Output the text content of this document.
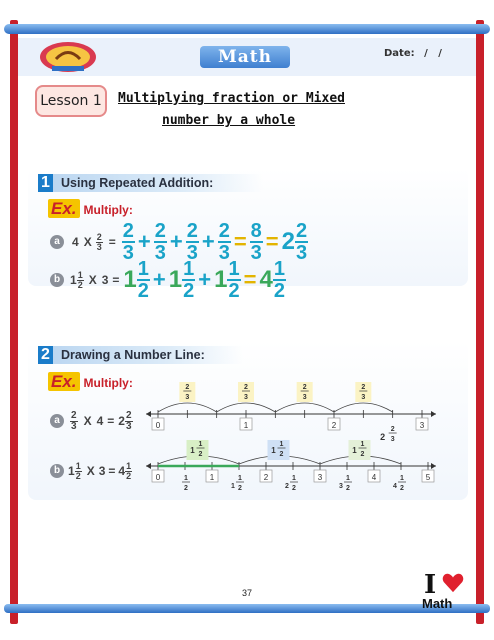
Math	Date: /   /
Lesson 1	Multiplying fraction or Mixed
number by a whole
1 Using Repeated Addition:
Ex. Multiply:
a	4 X $\frac{2}{3} = \frac{2}{3} + \frac{2}{3} + \frac{2}{3} + \frac{2}{3} = \frac{8}{3} = 2 \frac{2}{3}$
b $1 \frac{1}{2}$ X $3 = 1 \frac{1}{2} + 1 \frac{1}{2} + 1 \frac{1}{2} = 4 \frac{1}{2}$
2 Drawing a Number Line:
Ex. Multiply:
a	$\frac{2}{3}$ X $4 = 2 \frac{2}{3}$	0	1	2	3
2
3
2
3
2
3
2
3
2
2
3
b $1 \frac{1}{2}$ X $3 = 4 \frac{1}{2}$	0	1	2	3	4	5
1
2	1
1
2	2
1
2	3
1
2	4
1
2
1
1
2	1
1
2	1
1
2
37	I
Math
